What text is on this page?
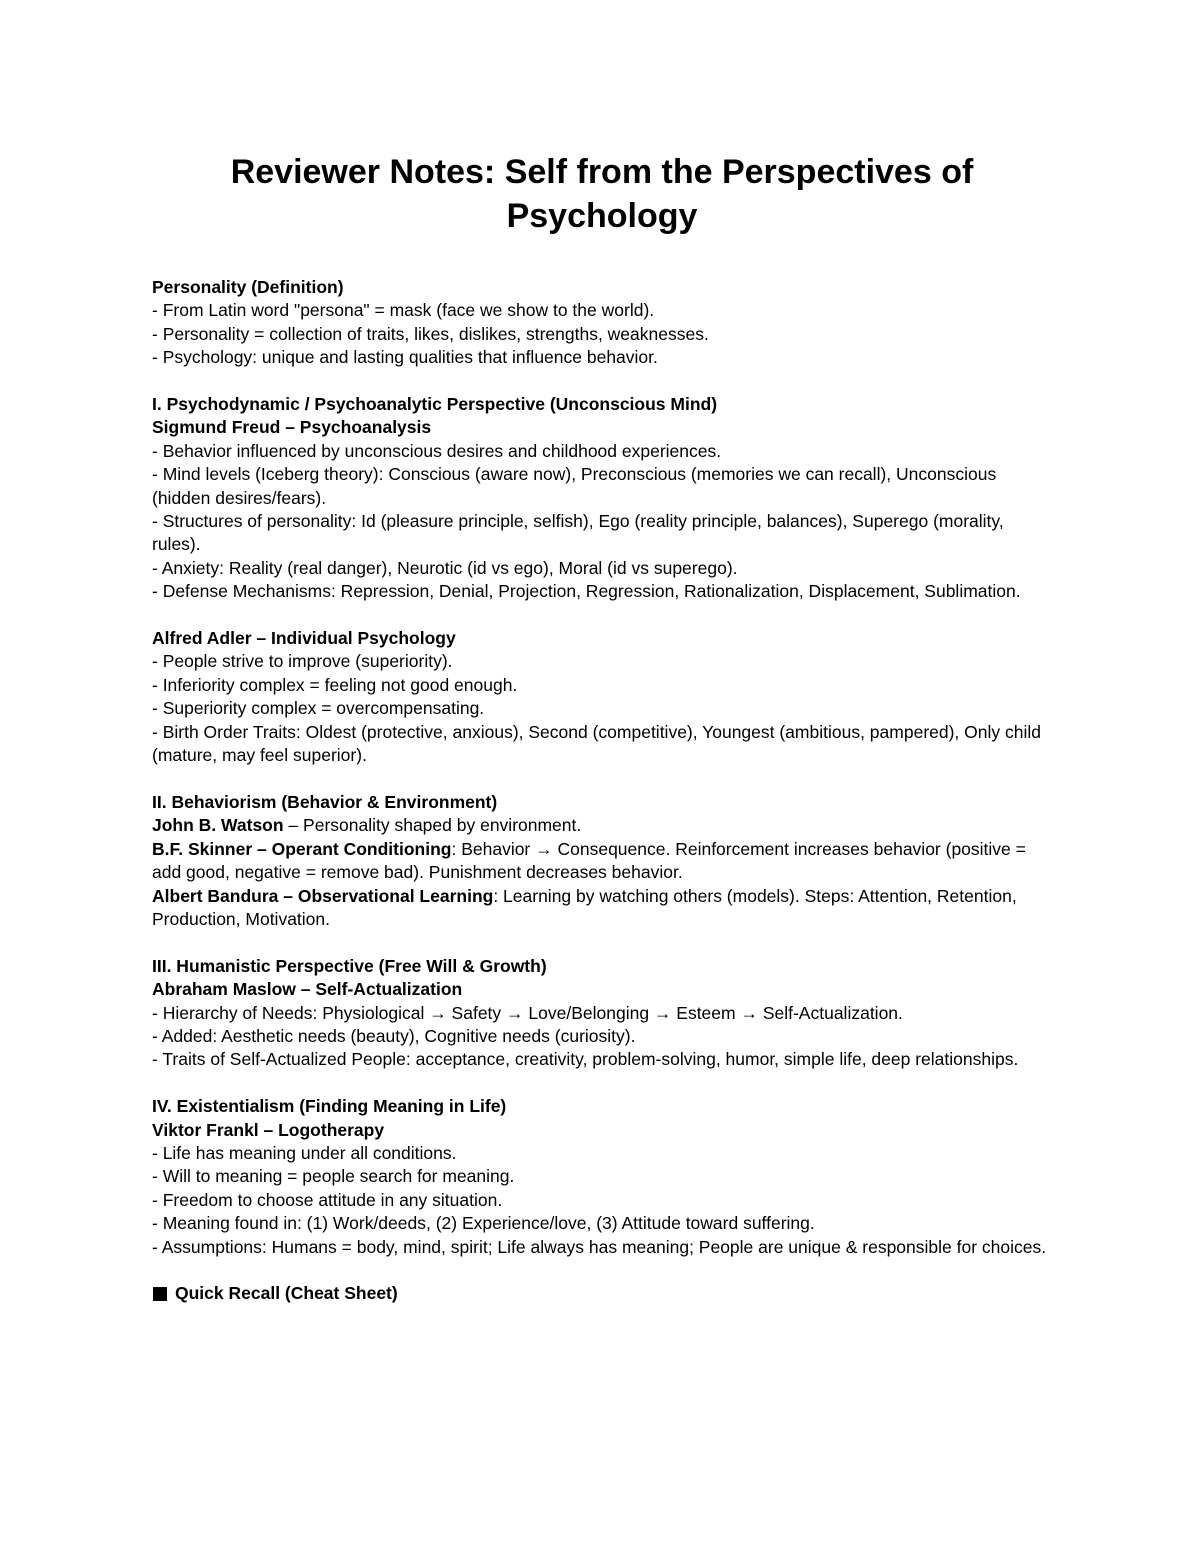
Reviewer Notes: Self from the Perspectives of
Psychology
Personality (Definition)
- From Latin word "persona" = mask (face we show to the world).
- Personality = collection of traits, likes, dislikes, strengths, weaknesses.
- Psychology: unique and lasting qualities that influence behavior.
I. Psychodynamic / Psychoanalytic Perspective (Unconscious Mind)
Sigmund Freud – Psychoanalysis
- Behavior influenced by unconscious desires and childhood experiences.
- Mind levels (Iceberg theory): Conscious (aware now), Preconscious (memories we can recall), Unconscious (hidden desires/fears).
- Structures of personality: Id (pleasure principle, selfish), Ego (reality principle, balances), Superego (morality, rules).
- Anxiety: Reality (real danger), Neurotic (id vs ego), Moral (id vs superego).
- Defense Mechanisms: Repression, Denial, Projection, Regression, Rationalization, Displacement, Sublimation.
Alfred Adler – Individual Psychology
- People strive to improve (superiority).
- Inferiority complex = feeling not good enough.
- Superiority complex = overcompensating.
- Birth Order Traits: Oldest (protective, anxious), Second (competitive), Youngest (ambitious, pampered), Only child (mature, may feel superior).
II. Behaviorism (Behavior & Environment)
John B. Watson – Personality shaped by environment.
B.F. Skinner – Operant Conditioning: Behavior → Consequence. Reinforcement increases behavior (positive = add good, negative = remove bad). Punishment decreases behavior.
Albert Bandura – Observational Learning: Learning by watching others (models). Steps: Attention, Retention, Production, Motivation.
III. Humanistic Perspective (Free Will & Growth)
Abraham Maslow – Self-Actualization
- Hierarchy of Needs: Physiological → Safety → Love/Belonging → Esteem → Self-Actualization.
- Added: Aesthetic needs (beauty), Cognitive needs (curiosity).
- Traits of Self-Actualized People: acceptance, creativity, problem-solving, humor, simple life, deep relationships.
IV. Existentialism (Finding Meaning in Life)
Viktor Frankl – Logotherapy
- Life has meaning under all conditions.
- Will to meaning = people search for meaning.
- Freedom to choose attitude in any situation.
- Meaning found in: (1) Work/deeds, (2) Experience/love, (3) Attitude toward suffering.
- Assumptions: Humans = body, mind, spirit; Life always has meaning; People are unique & responsible for choices.
Quick Recall (Cheat Sheet)
